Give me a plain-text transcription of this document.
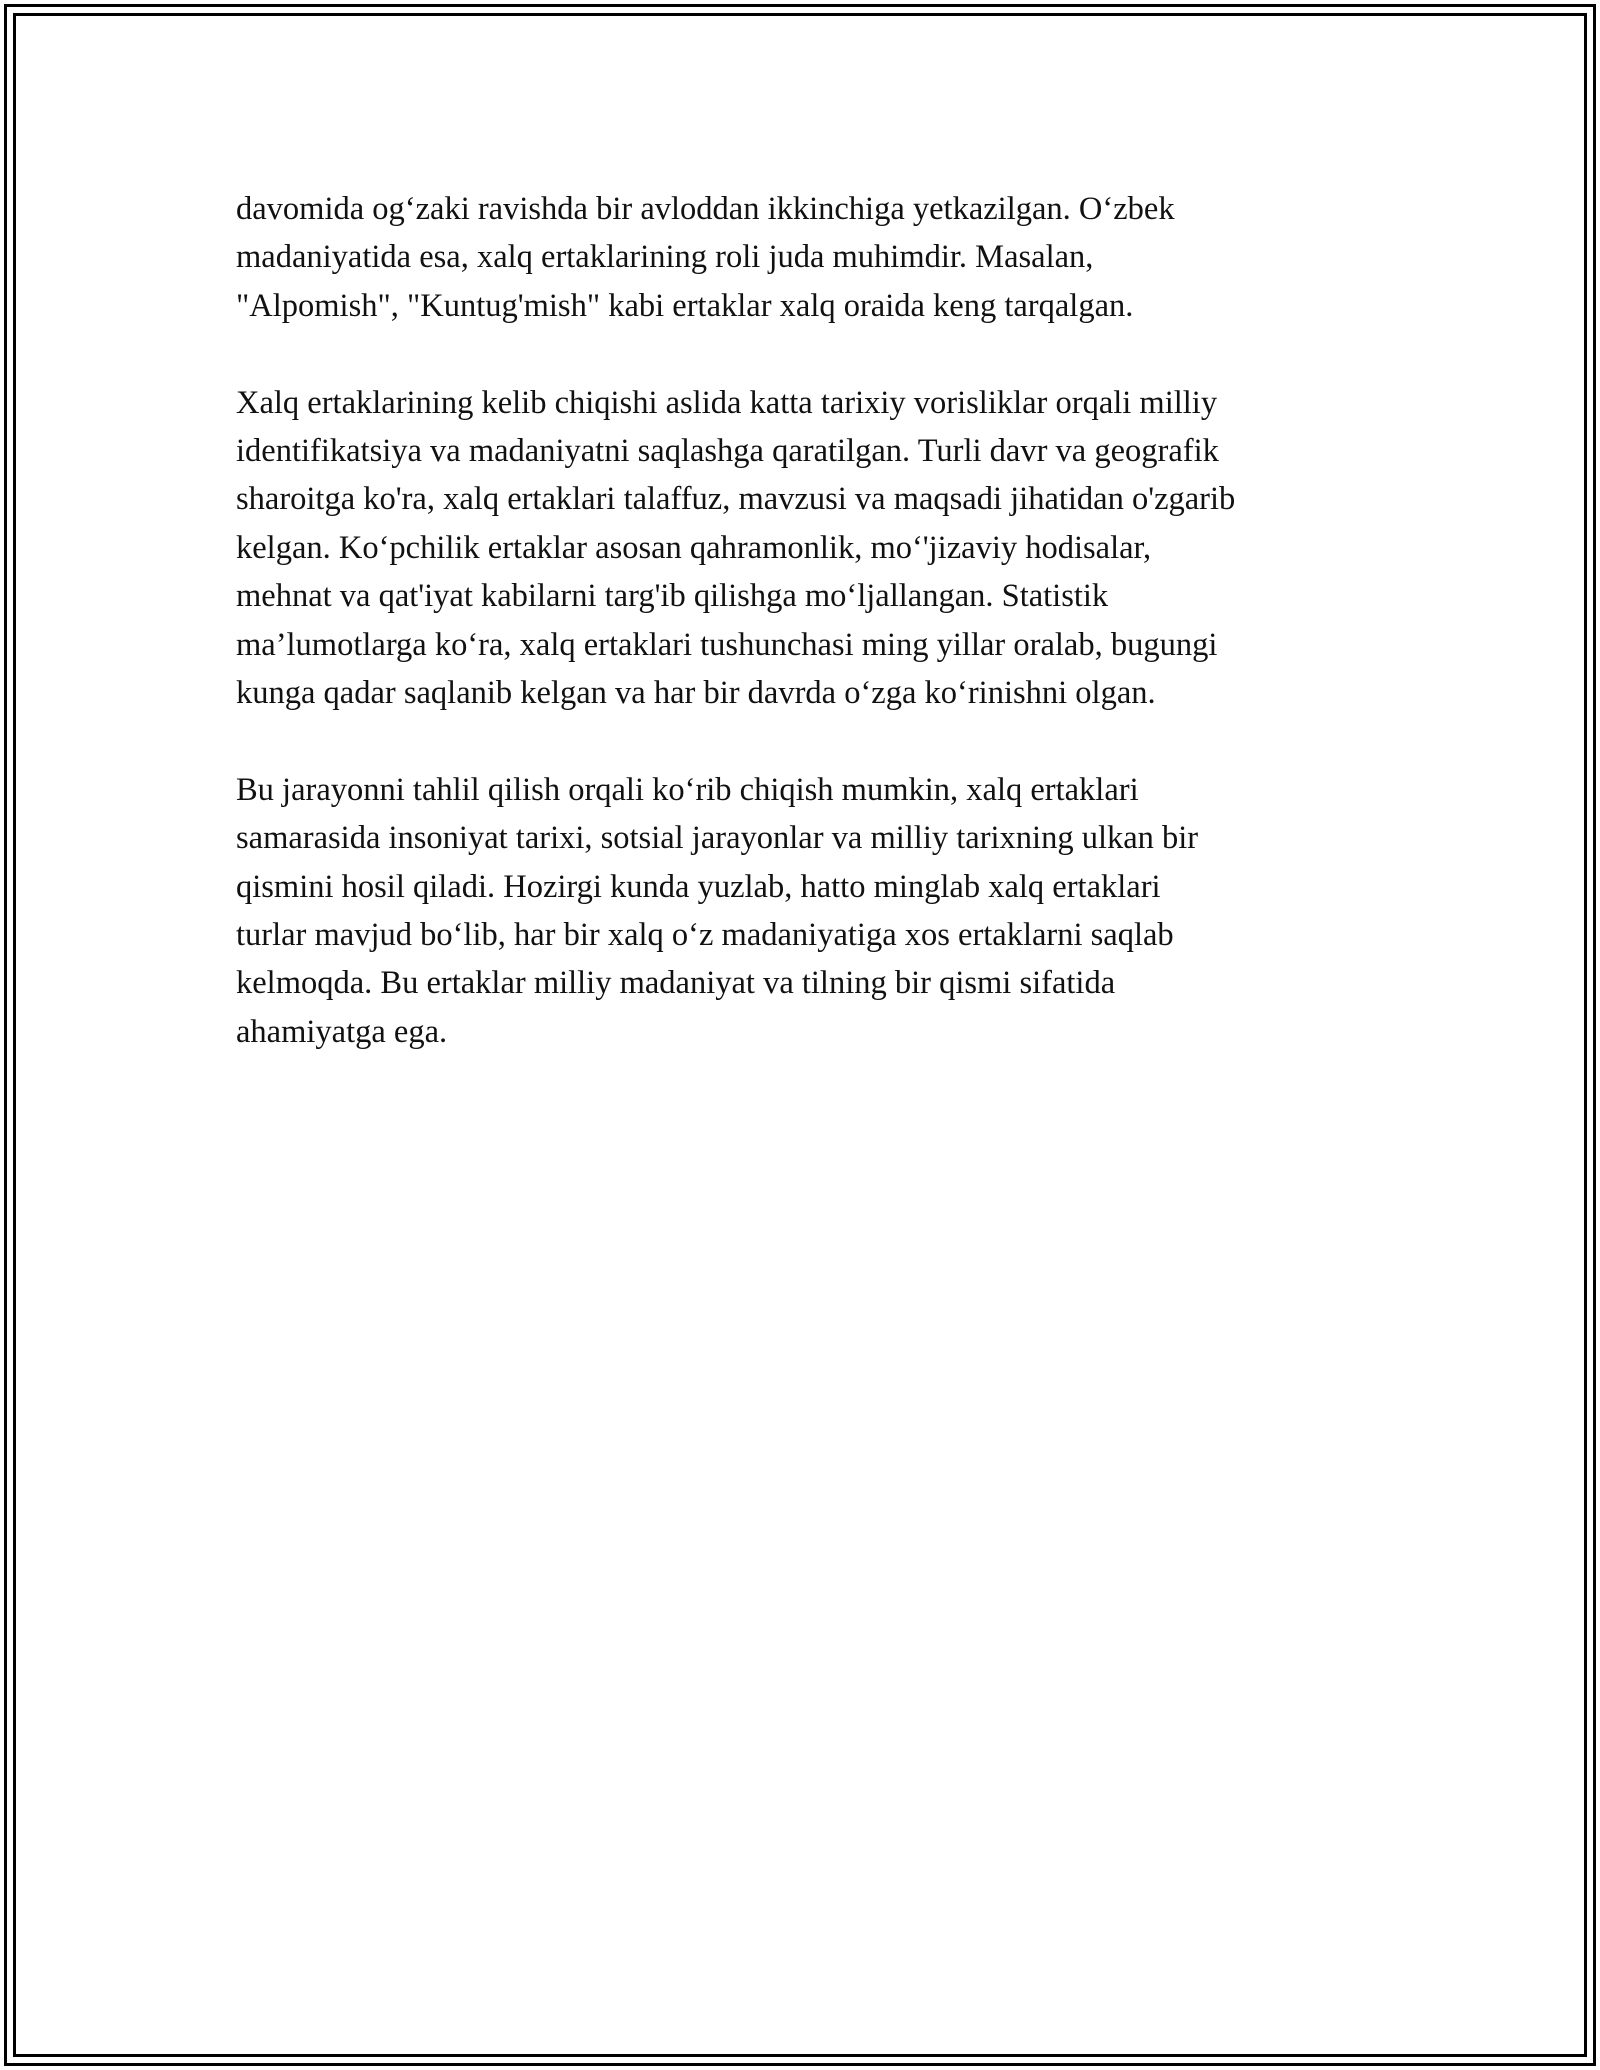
davomida og‘zaki ravishda bir avloddan ikkinchiga yetkazilgan. O‘zbek
madaniyatida esa, xalq ertaklarining roli juda muhimdir. Masalan,
"Alpomish", "Kuntug'mish" kabi ertaklar xalq oraida keng tarqalgan.

Xalq ertaklarining kelib chiqishi aslida katta tarixiy vorisliklar orqali milliy
identifikatsiya va madaniyatni saqlashga qaratilgan. Turli davr va geografik
sharoitga ko'ra, xalq ertaklari talaffuz, mavzusi va maqsadi jihatidan o'zgarib
kelgan. Ko‘pchilik ertaklar asosan qahramonlik, mo‘'jizaviy hodisalar,
mehnat va qat'iyat kabilarni targ'ib qilishga mo‘ljallangan. Statistik
ma’lumotlarga ko‘ra, xalq ertaklari tushunchasi ming yillar oralab, bugungi
kunga qadar saqlanib kelgan va har bir davrda o‘zga ko‘rinishni olgan.

Bu jarayonni tahlil qilish orqali ko‘rib chiqish mumkin, xalq ertaklari
samarasida insoniyat tarixi, sotsial jarayonlar va milliy tarixning ulkan bir
qismini hosil qiladi. Hozirgi kunda yuzlab, hatto minglab xalq ertaklari
turlar mavjud bo‘lib, har bir xalq o‘z madaniyatiga xos ertaklarni saqlab
kelmoqda. Bu ertaklar milliy madaniyat va tilning bir qismi sifatida
ahamiyatga ega.
